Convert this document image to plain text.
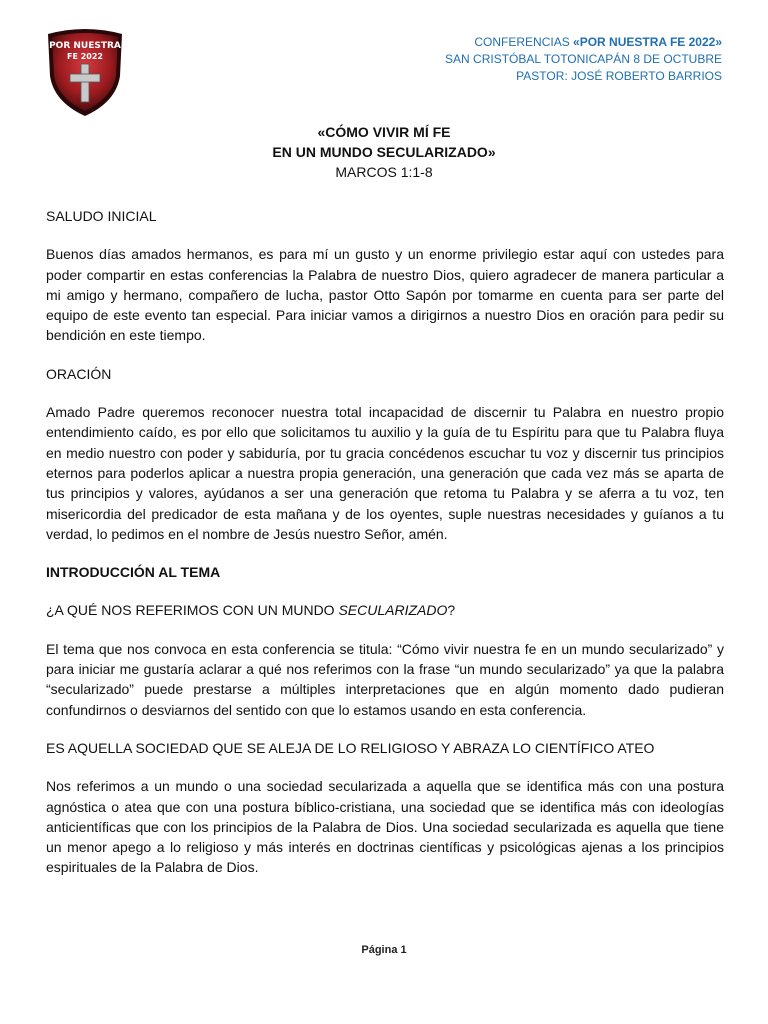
POR NUESTRA
FE 2022
CONFERENCIAS «POR NUESTRA FE 2022»
SAN CRISTÓBAL TOTONICAPÁN 8 DE OCTUBRE
PASTOR: JOSÉ ROBERTO BARRIOS
«CÓMO VIVIR MÍ FE
EN UN MUNDO SECULARIZADO»
MARCOS 1:1-8
SALUDO INICIAL

Buenos días amados hermanos, es para mí un gusto y un enorme privilegio estar aquí con ustedes para poder compartir en estas conferencias la Palabra de nuestro Dios, quiero agradecer de manera particular a mi amigo y hermano, compañero de lucha, pastor Otto Sapón por tomarme en cuenta para ser parte del equipo de este evento tan especial. Para iniciar vamos a dirigirnos a nuestro Dios en oración para pedir su bendición en este tiempo.

ORACIÓN

Amado Padre queremos reconocer nuestra total incapacidad de discernir tu Palabra en nuestro propio entendimiento caído, es por ello que solicitamos tu auxilio y la guía de tu Espíritu para que tu Palabra fluya en medio nuestro con poder y sabiduría, por tu gracia concédenos escuchar tu voz y discernir tus principios eternos para poderlos aplicar a nuestra propia generación, una generación que cada vez más se aparta de tus principios y valores, ayúdanos a ser una generación que retoma tu Palabra y se aferra a tu voz, ten misericordia del predicador de esta mañana y de los oyentes, suple nuestras necesidades y guíanos a tu verdad, lo pedimos en el nombre de Jesús nuestro Señor, amén.

INTRODUCCIÓN AL TEMA
¿A QUÉ NOS REFERIMOS CON UN MUNDO SECULARIZADO?

El tema que nos convoca en esta conferencia se titula: “Cómo vivir nuestra fe en un mundo secularizado” y para iniciar me gustaría aclarar a qué nos referimos con la frase “un mundo secularizado” ya que la palabra “secularizado” puede prestarse a múltiples interpretaciones que en algún momento dado pudieran confundirnos o desviarnos del sentido con que lo estamos usando en esta conferencia.

ES AQUELLA SOCIEDAD QUE SE ALEJA DE LO RELIGIOSO Y ABRAZA LO CIENTÍFICO ATEO

Nos referimos a un mundo o una sociedad secularizada a aquella que se identifica más con una postura agnóstica o atea que con una postura bíblico-cristiana, una sociedad que se identifica más con ideologías anticientíficas que con los principios de la Palabra de Dios. Una sociedad secularizada es aquella que tiene un menor apego a lo religioso y más interés en doctrinas científicas y psicológicas ajenas a los principios espirituales de la Palabra de Dios.

Página 1
